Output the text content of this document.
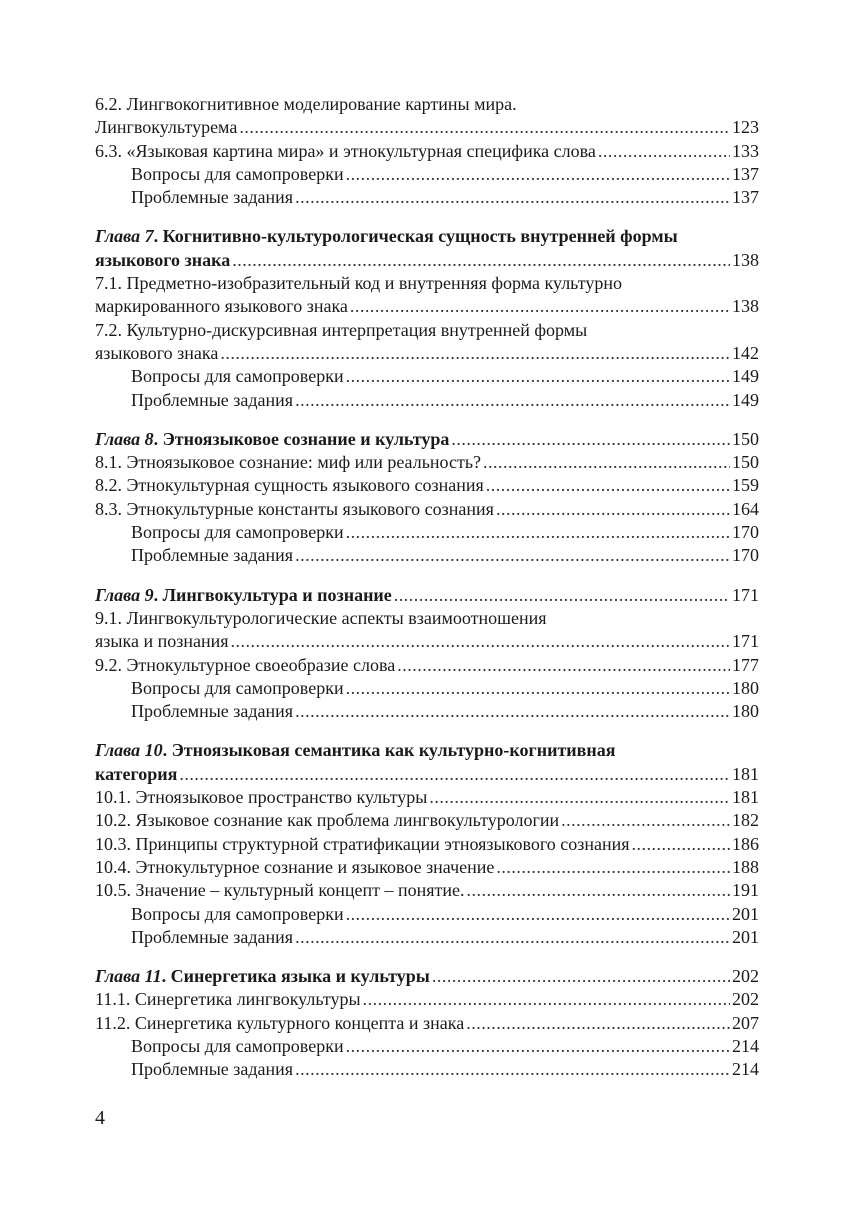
6.2. Лингвокогнитивное моделирование картины мира.
Лингвокультурема .....	123
6.3. «Языковая картина мира» и этнокультурная специфика слова .....	133
Вопросы для самопроверки .....	137
Проблемные задания .....	137
Глава 7. Когнитивно-культурологическая сущность внутренней формы
языкового знака .....	138
7.1. Предметно-изобразительный код и внутренняя форма культурно
маркированного языкового знака .....	138
7.2. Культурно-дискурсивная интерпретация внутренней формы
языкового знака .....	142
Вопросы для самопроверки .....	149
Проблемные задания .....	149
Глава 8. Этноязыковое сознание и культура .....	150
8.1. Этноязыковое сознание: миф или реальность? .....	150
8.2. Этнокультурная сущность языкового сознания .....	159
8.3. Этнокультурные константы языкового сознания .....	164
Вопросы для самопроверки .....	170
Проблемные задания .....	170
Глава 9. Лингвокультура и познание .....	171
9.1. Лингвокультурологические аспекты взаимоотношения
языка и познания .....	171
9.2. Этнокультурное своеобразие слова .....	177
Вопросы для самопроверки .....	180
Проблемные задания .....	180
Глава 10. Этноязыковая семантика как культурно-когнитивная
категория .....	181
10.1. Этноязыковое пространство культуры .....	181
10.2. Языковое сознание как проблема лингвокультурологии .....	182
10.3. Принципы структурной стратификации этноязыкового сознания .....	186
10.4. Этнокультурное сознание и языковое значение .....	188
10.5. Значение – культурный концепт – понятие. .....	191
Вопросы для самопроверки .....	201
Проблемные задания .....	201
Глава 11. Синергетика языка и культуры .....	202
11.1. Синергетика лингвокультуры .....	202
11.2. Синергетика культурного концепта и знака .....	207
Вопросы для самопроверки .....	214
Проблемные задания .....	214
4
